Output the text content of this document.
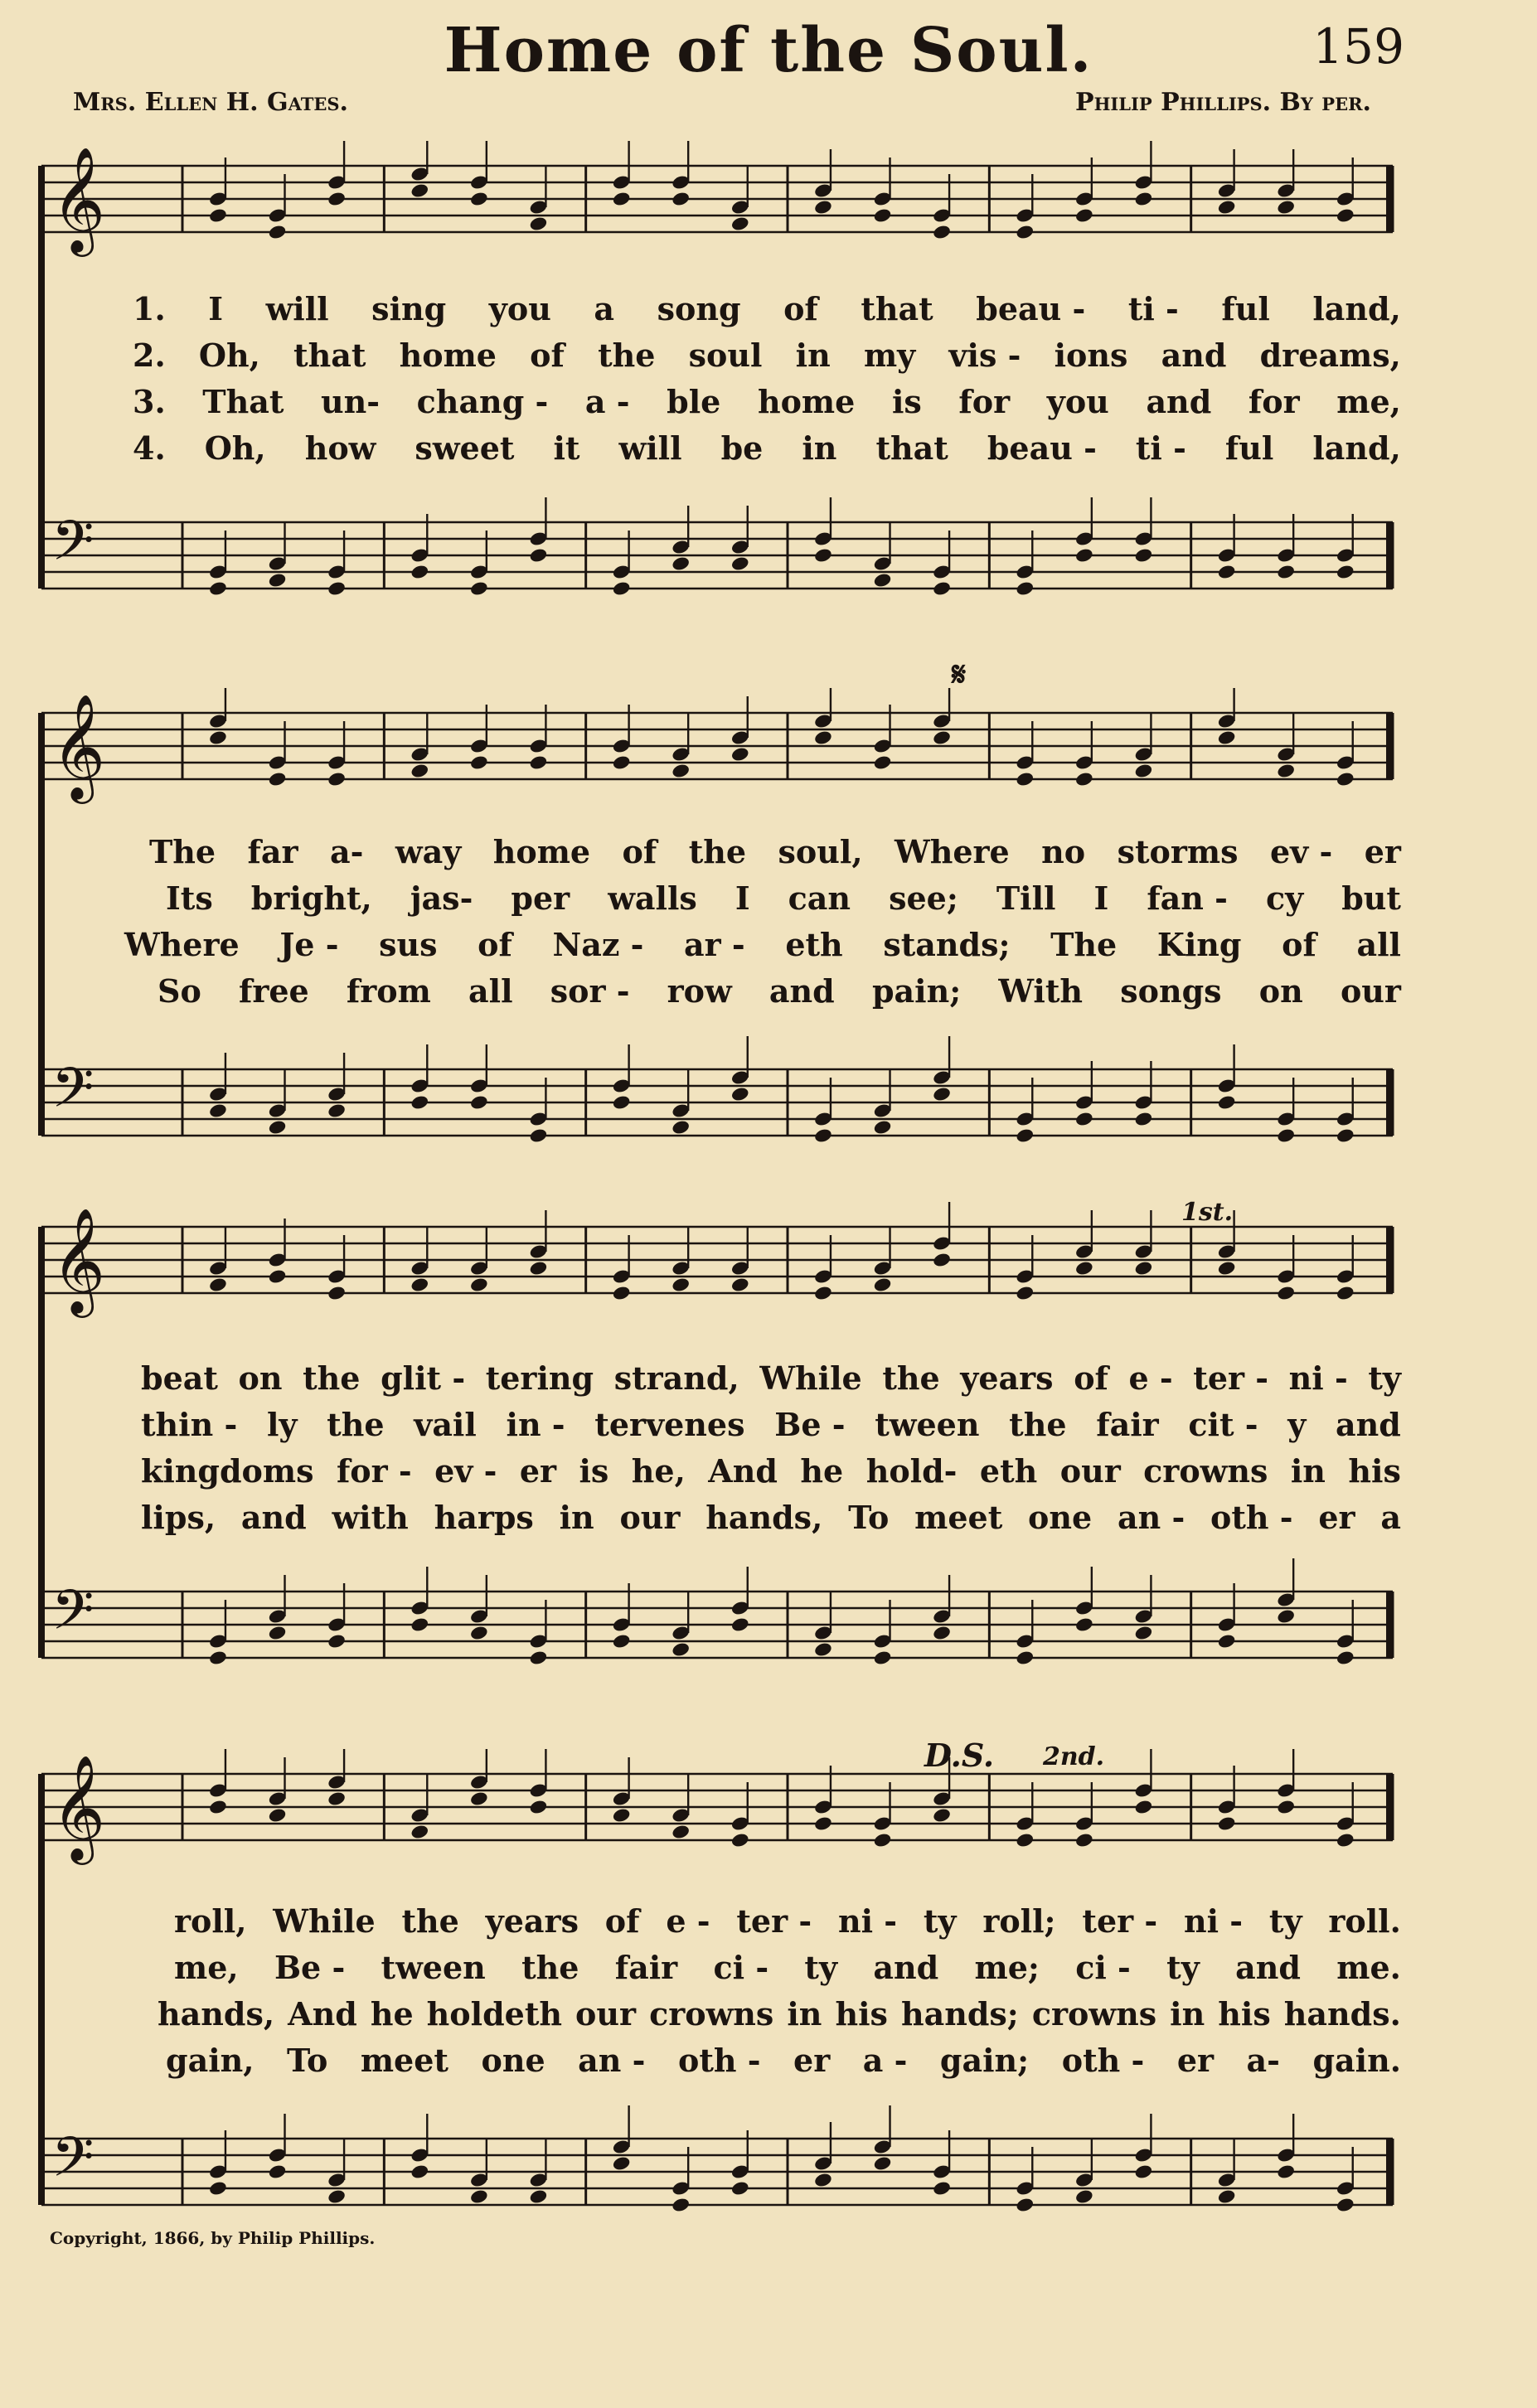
Home of the Soul.	159
Mrs. Ellen H. Gates.	Philip Phillips. By per.
𝄞
𝄢
1. I will sing you a song of that beau - ti - ful land,
2. Oh, that home of the soul in my vis - ions and dreams,
3. That un- chang - a - ble home is for you and for me,
4. Oh, how sweet it will be in that beau - ti - ful land,
𝄋
𝄞
𝄢
The far a- way home of the soul, Where no storms ev - er
Its bright, jas- per walls I can see; Till I fan - cy but
Where Je - sus of Naz - ar - eth stands; The King of all
So free from all sor - row and pain; With songs on our
1st.
𝄞
𝄢
beat on the glit - tering strand, While the years of e - ter - ni - ty
thin - ly the vail in - tervenes Be - tween the fair cit - y and
kingdoms for - ev - er is he, And he hold- eth our crowns in his
lips, and with harps in our hands, To meet one an - oth - er a
D.S. 2nd.
𝄞
𝄢
roll, While the years of e - ter - ni - ty roll; ter - ni - ty roll.
me, Be - tween the fair ci - ty and me; ci - ty and me.
hands, And he holdeth our crowns in his hands; crowns in his hands.
gain, To meet one an - oth - er a - gain; oth - er a- gain.
Copyright, 1866, by Philip Phillips.
